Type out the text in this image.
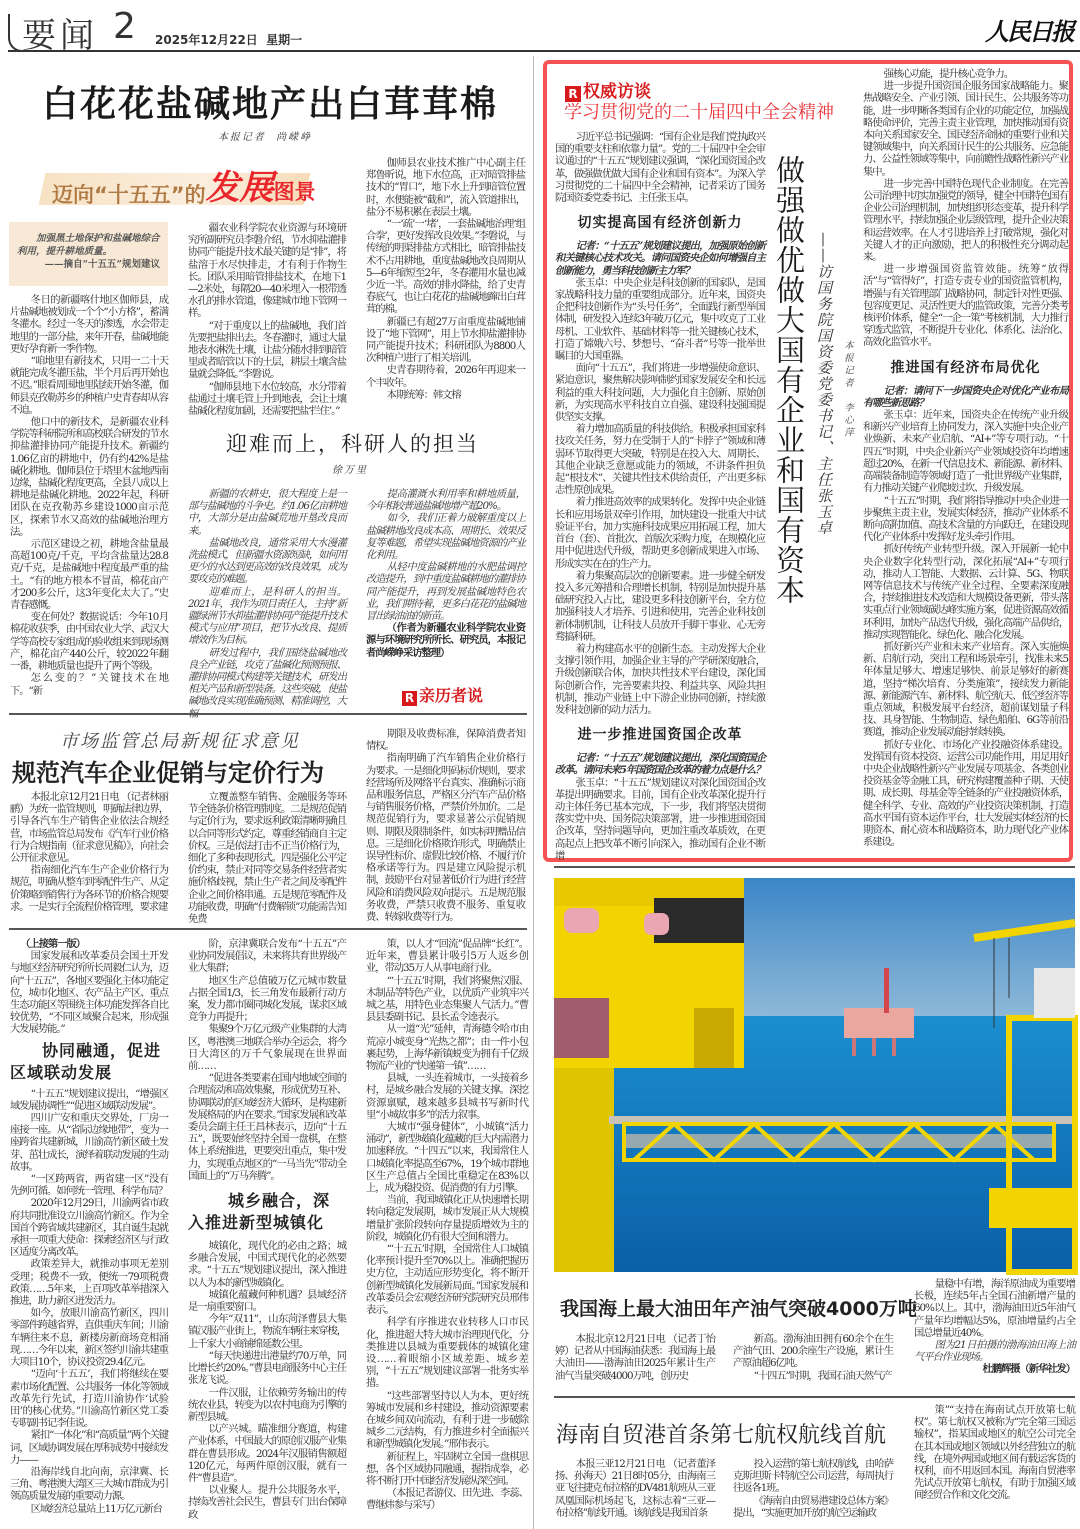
要闻 2 2025年12月22日  星期一	人民日报
白花花盐碱地产出白茸茸棉
本报记者  尚嵘峥
迈向“十五五”的发展图景

加强黑土地保护和盐碱地综合利用，提升耕地质量。

——摘自“十五五”规划建议

冬日的新疆喀什地区伽师县，成片盐碱地被划成一个个“小方格”，蓄满冬灌水。经过一冬天的渗透，水会带走地里的一部分盐，来年开春，盐碱地能更好孕育新一季作物。

“咱地里有新技术，只用一二十天就能完成冬灌压盐，半个月后再开始也不迟。”眼看周围地里陆续开始冬灌，伽师县克孜勒苏乡的种植户史青春却从容不迫。

他口中的新技术，是新疆农业科学院等科研院所和高校联合研发的节水抑盐灌排协同产能提升技术。新疆约1.06亿亩的耕地中，仍有约42%是盐碱化耕地。伽师县位于塔里木盆地西南边缘，盐碱化程度更高，全县八成以上耕地是盐碱化耕地。2022年起，科研团队在克孜勒苏乡建设1000亩示范区，探索节水又高效的盐碱地治理方法。

示范区建设之初，耕地含盐量最高超100克/千克，平均含盐量达28.8克/千克，是盐碱地中程度最严重的盐土。“有的地方根本不冒苗，棉花亩产才200多公斤，这3年变化太大了。”史青春感慨。

变在何处？数据说话：今年10月棉花收获季，由中国农业大学、武汉大学等高校专家组成的验收组来到现场测产，棉花亩产440公斤，较2022年翻一番，耕地质量也提升了两个等级。

怎么变的？”关键技术在地下。“新

疆农业科学院农业资源与环境研究所副研究员李磐介绍，节水抑盐灌排协同产能提升技术最关键的是“排”，将盐溶于水尽快排走，才有利于作物生长。团队采用暗管排盐技术，在地下1—2米处，每隔20—40米埋入一根带透水孔的排水管道，像建城市地下管网一样。

“对于重度以上的盐碱地，我们首先要把盐排出去。冬春灌时，通过大量地表水淋洗土壤，让盐分随水排到暗管里或者暗管以下的土层，耕层土壤含盐量就会降低。”李磐说。

“伽师县地下水位较高，水分带着盐通过土壤毛管上升到地表，会让土壤盐碱化程度加剧，还需要把盐‘拦住’。”

伽师县农业技术推广中心副主任郑鲁昕说，地下水位高，正对暗管排盐技术的“胃口”，地下水上升到暗管位置时，水便能被“截和”，流入管道排出，盐分不易积累在表层土壤。

“一‘疏’一‘堵’，一套盐碱地治理‘组合拳’，更好发挥改良效果。”李磐说，与传统的明渠排盐方式相比，暗管排盐技术不占用耕地，重度盐碱地改良周期从5—6年缩短至2年，冬春灌用水量也减少近一半。高效的排水降盐，给了史青春底气，也让白花花的盐碱地蹿出白茸茸的棉。

新疆已有超27万亩重度盐碱地铺设了“地下管网”，用上节水抑盐灌排协同产能提升技术；科研团队为8800人次种植户进行了相关培训。

史青春期待着，2026年再迎来一个丰收年。

本期统筹：韩文榕

迎难而上，科研人的担当
徐万里

新疆的农耕史，很大程度上是一部与盐碱地的斗争史。约1.06亿亩耕地中，大部分是由盐碱荒地开垦改良而来。

盐碱地改良，通常采用大水漫灌洗盐模式，但新疆水资源短缺，如何用更少的水达到更高效的改良效果，成为要攻克的难题。

迎难而上，是科研人的担当。2021年，我作为项目责任人，主持“新疆绿洲节水抑盐灌排协同产能提升技术模式与应用”项目，把节水改良、提质增效作为目标。

研发过程中，我们围绕盐碱地改良全产业链，攻克了盐碱化预测预报、灌排协同模式构建等关键技术，研发出相关产品和新型装备。这些突破，使盐碱地改良实现准确预测、精准调控，大

提高灌溉水利用率和耕地质量，今年相较普通盐碱地增产超20%。

如今，我们正着力破解重度以上盐碱耕地改良成本高、周期长、效果反复等难题，希望实现盐碱地资源的产业化利用。

从轻中度盐碱耕地的水肥盐调控改造提升，到中重度盐碱耕地的灌排协同产能提升，再到发展盐碱地特色农业，我们期待着，更多白花花的盐碱地冒出绿油油的新苗。

（作者为新疆农业科学院农业资源与环境研究所所长、研究员，本报记者尚嵘峥采访整理）

R 亲历者说
市场监管总局新规征求意见
规范汽车企业促销与定价行为

本报北京12月21日电 （记者林丽鹂）为统一监管规则，明确法律边界，引导各汽车生产销售企业依法合规经营，市场监管总局发布《汽车行业价格行为合规指南（征求意见稿）》，向社会公开征求意见。

指南细化汽车生产企业价格行为规范，明确从整车到零配件生产、从定价策略到销售行为各环节的价格合规要求。一是实行全流程价格管理，要求建

立覆盖整车销售、金融服务等环节全链条价格管理制度。二是规范促销与定价行为，要求返利政策清晰明确且以合同等形式约定，尊重经销商自主定价权。三是依法打击不正当价格行为，细化了多种表现形式。四是强化公平定价约束，禁止对同等交易条件经营者实施价格歧视，禁止生产者之间及零配件企业之间价格串通。五是规范零配件及功能收费，明确“付费解锁”功能需告知免费

期限及收费标准，保障消费者知情权。

指南明确了汽车销售企业价格行为要求。一是细化明码标价规则，要求经营场所及网络平台真实、准确标示商品和服务信息，严格区分汽车产品价格与销售服务价格，严禁价外加价。二是规范促销行为，要求显著公示促销规则、期限及限制条件，如实标明赠品信息。三是细化价格欺诈形式，明确禁止误导性标价、虚假比较价格、不履行价格承诺等行为。四是建立风险提示机制，鼓励平台对显著低价行为进行经营风险和消费风险双向提示。五是规范服务收费，严禁只收费不服务、重复收费、转嫁收费等行为。

（上接第一版）

国家发展和改革委员会国土开发与地区经济研究所所长周毅仁认为，迈向“十五五”，各地区要强化主体功能定位，城市化地区、农产品主产区、重点生态功能区等围绕主体功能发挥各自比较优势，“不同区域聚合起来，形成强大发展势能。”

协同融通，促进区域联动发展

“十五五”规划建议提出，“增强区域发展协调性”“促进区域联动发展”。

四川广安和重庆交界处，厂房一座接一座。从“省际边缘地带”，变为一座跨省共建新城，川渝高竹新区破土发芽、茁壮成长，演绎着联动发展的生动故事。

“一区跨两省，两省建一区”没有先例可循。如何统一管理、科学布局？

2020年12月29日，川渝两省市政府共同批准设立川渝高竹新区。作为全国首个跨省域共建新区，其自诞生起就承担一项重大使命：探索经济区与行政区适度分离改革。

政策差异大，就推动事项无差别受理；税费不一致，便统一79项税费政策……5年来，上百项改革举措深入推进，助力新区迸发活力。

如今，放眼川渝高竹新区，四川零部件跨越省界，直供重庆车间；川渝车辆往来不息，新楼房新商场竞相涌现……今年以来，新区签约川渝共建重大项目10个，协议投资29.4亿元。

“迈向‘十五五’，我们将继续在要素市场化配置、公共服务一体化等领域改革先行先试，打造川渝协作‘试验田’的核心优势。”川渝高竹新区党工委专职副书记李佳说。

紧扣“一体化”和“高质量”两个关键词，区域协调发展在厚积成势中接续发力——

沿海岸线自北向南，京津冀、长三角、粤港澳大湾区三大城市群成为引领高质量发展的重要动力源。

区域经济总量站上11万亿元新台

阶，京津冀联合发布“十五五”产业协同发展倡议，未来将共育世界级产业大集群；

地区生产总值破万亿元城市数量占据全国1/3，长三角发布最新行动方案，发力都市圈同城化发展，谋求区域竞争力再提升；

集聚9个万亿元级产业集群的大湾区，粤港澳三地联合举办全运会，将今日大湾区的万千气象展现在世界面前……

“促进各类要素在国内地域空间的合理流动和高效集聚，形成优势互补、协调联动的区域经济大循环，是构建新发展格局的内在要求。”国家发展和改革委员会副主任王昌林表示，迈向“十五五”，既要始终坚持全国一盘棋，在整体上系统推进，更要突出重点，集中发力，实现重点地区的“一马当先”带动全国面上的“万马奔腾”。

城乡融合，深入推进新型城镇化

城镇化，现代化的必由之路；城乡融合发展，中国式现代化的必然要求。“十五五”规划建议提出，深入推进以人为本的新型城镇化。

城镇化蕴藏何种机遇？县域经济是一扇重要窗口。

今年“双11”，山东菏泽曹县大集镇汉服产业街上，物流车辆往来穿梭，上千家大小商铺绵延数公里。

“每天快递进出港量约70万单，同比增长约20%。”曹县电商服务中心主任张龙飞说。

一件汉服，让依赖劳务输出的传统农业县，转变为以农村电商为引擎的新型县城。

以产兴城。瞄准细分赛道，构建产业体系，中国最大的原创汉服产业集群在曹县形成。2024年汉服销售额超120亿元，每两件原创汉服，就有一件“曹县造”。

以业聚人。提升公共服务水平，持续改善社会民生，曹县专门出台保障政

策，以人才“回流”促品牌“长红”。近年来，曹县累计吸引5万人返乡创业，带动35万人从事电商行业。

“‘十五五’时期，我们将聚焦汉服、木制品等特色产业，以优质产业筑牢兴城之基，用特色业态集聚人气活力。”曹县县委副书记、县长孟令逵表示。

从一道“光”延伸，青海德令哈市由荒凉小城变身“光热之都”；由一件小包裹起势，上海华新镇蜕变为拥有千亿级物流产业的“快递第一镇”……

县城，一头连着城市，一头接着乡村，是城乡融合发展的关键支撑。深挖资源禀赋，越来越多县城书写新时代里“小城故事多”的活力叙事。

大城市“强身健体”，小城镇“活力涌动”，新型城镇化蕴藏的巨大内需潜力加速释放。“十四五”以来，我国常住人口城镇化率提高至67%，19个城市群地区生产总值占全国比重稳定在83%以上，成为稳投资、促消费的有力引擎。

当前，我国城镇化正从快速增长期转向稳定发展期，城市发展正从大规模增量扩张阶段转向存量提质增效为主的阶段，城镇化仍有很大空间和潜力。

“‘十五五’时期，全国常住人口城镇化率预计提升至70%以上。准确把握历史方位，主动适应形势变化，将不断开创新型城镇化发展新局面。”国家发展和改革委员会宏观经济研究院研究员邢伟表示。

科学有序推进农业转移人口市民化，推进超大特大城市治理现代化，分类推进以县城为重要载体的城镇化建设……着眼缩小区域差距、城乡差别，“十五五”规划建议部署一批务实举措。

“这些部署坚持以人为本，更好统筹城市发展和乡村建设，推动资源要素在城乡间双向流动，有利于进一步破除城乡二元结构，有力推进乡村全面振兴和新型城镇化发展。”邢伟表示。

新征程上，牢固树立全国一盘棋思想，各个区域协同融通，握指成拳，必将不断打开中国经济发展纵深空间。

（本报记者游仪、田先进、李蕊、曹继炜参与采写）

R 权威访谈
学习贯彻党的二十届四中全会精神

习近平总书记强调：“国有企业是我们党执政兴国的重要支柱和依靠力量”。党的二十届四中全会审议通过的“十五五”规划建议强调，“深化国资国企改革，做强做优做大国有企业和国有资本”。为深入学习贯彻党的二十届四中全会精神，记者采访了国务院国资委党委书记、主任张玉卓。

切实提高国有经济创新力

记者：“十五五”规划建议提出，加强原始创新和关键核心技术攻关。请问国资央企如何增强自主创新能力，勇当科技创新主力军？

张玉卓：中央企业是科技创新的国家队，是国家战略科技力量的重要组成部分。近年来，国资央企把科技创新作为“头号任务”，全面践行新型举国体制，研发投入连续3年破万亿元，集中攻克了工业母机、工业软件、基础材料等一批关键核心技术，打造了嫦娥六号、梦想号、“奋斗者”号等一批举世瞩目的大国重器。

面向“十五五”，我们将进一步增强使命意识、紧迫意识，聚焦解决影响制约国家发展安全和长远利益的重大科技问题，大力强化自主创新、原始创新，为实现高水平科技自立自强、建设科技强国提供坚实支撑。

着力增加高质量的科技供给。积极承担国家科技攻关任务，努力在受制于人的“卡脖子”领域和薄弱环节取得更大突破，特别是在投入大、周期长、其他企业缺乏意愿或能力的领域，不讲条件担负起“根技术”、关键共性技术供给责任，产出更多标志性原创成果。

着力推进高效率的成果转化。发挥中央企业链长和应用场景双牵引作用，加快建设一批重大中试验证平台，加力实施科技成果应用拓展工程，加大首台（套）、首批次、首版次采购力度，在规模化应用中促进迭代升级，帮助更多创新成果进入市场、形成实实在在的生产力。

着力集聚高层次的创新要素。进一步健全研发投入多元筹措和合理增长机制，特别是加快提升基础研究投入占比，建设更多科技创新平台，全方位加强科技人才培养、引进和使用，完善企业科技创新体制机制，让科技人员放开手脚干事业、心无旁骛搞科研。

着力构建高水平的创新生态。主动发挥大企业支撑引领作用，加强企业主导的产学研深度融合，升级创新联合体，加快共性技术平台建设，深化国际创新合作，完善要素共投、利益共享、风险共担机制，推动产业链上中下游企业协同创新，持续激发科技创新的动力活力。

进一步推进国资国企改革

记者：“十五五”规划建议提出，深化国资国企改革。请问未来5年国资国企改革的着力点是什么？

张玉卓：“十五五”规划建议对深化国资国企改革提出明确要求。目前，国有企业改革深化提升行动主体任务已基本完成，下一步，我们将坚决贯彻落实党中央、国务院决策部署，进一步推进国资国企改革，坚持问题导向，更加注重改革质效，在更高起点上把改革不断引向深入，推动国有企业不断增

做强做优做大国有企业和国有资本 ——访国务院国资委党委书记、主任张玉卓 本报记者  李心萍

强核心功能，提升核心竞争力。

进一步提升国资国企服务国家战略能力。聚焦战略安全、产业引领、国计民生、公共服务等功能，进一步明晰各类国有企业的功能定位，加强战略使命评价，完善主责主业管理，加快推动国有资本向关系国家安全、国民经济命脉的重要行业和关键领域集中，向关系国计民生的公共服务、应急能力、公益性领域等集中，向前瞻性战略性新兴产业集中。

进一步完善中国特色现代企业制度。在完善公司治理中切实加强党的领导，健全中国特色国有企业公司治理机制，加快组织形态变革，提升科学管理水平，持续加强企业层级管理，提升企业决策和运营效率。在人才引进培养上打破常规，强化对关键人才的正向激励，把人的积极性充分调动起来。

进一步增强国资监管效能。统筹“放得活”与“管得好”，打造专责专业的国资监管机构，增强与有关管理部门战略协同，制定针对性更强、包容度更足、灵活性更大的监管政策，完善分类考核评价体系，健全“一企一策”考核机制，大力推行穿透式监管，不断提升专业化、体系化、法治化、高效化监管水平。

推进国有经济布局优化

记者：请问下一步国资央企对优化产业布局有哪些新思路？

张玉卓：近年来，国资央企在传统产业升级和新兴产业培育上协同发力，深入实施中央企业产业焕新、未来产业启航、“AI+”等专项行动。“十四五”时期，中央企业新兴产业领域投资年均增速超过20%，在新一代信息技术、新能源、新材料、高端装备制造等领域打造了一批世界级产业集群，有力推动关键产业爬坡过坎、升级发展。

“十五五”时期，我们将指导推动中央企业进一步聚焦主责主业，发展实体经济，推动产业体系不断向高附加值、高技术含量的方向跃迁，在建设现代化产业体系中发挥好龙头牵引作用。

抓好传统产业转型升级。深入开展新一轮中央企业数字化转型行动，深化拓展“AI+”专项行动，推动人工智能、大数据、云计算、5G、物联网等信息技术与传统产业全过程、全要素深度融合，持续推进技术改造和大规模设备更新，带头落实重点行业领域碳达峰实施方案，促进资源高效循环利用，加快产品迭代升级，强化高端产品供给，推动实现智能化、绿色化、融合化发展。

抓好新兴产业和未来产业培育。深入实施焕新、启航行动，突出工程和场景牵引，找准未来5年体量足够大、增速足够快、前景足够好的新赛道，坚持“梯次培育、分类施策”，接续发力新能源、新能源汽车、新材料、航空航天、低空经济等重点领域，积极发展平台经济，超前谋划量子科技、具身智能、生物制造、绿色船舶、6G等前沿赛道，推动企业发展动能持续转换。

抓好专业化、市场化产业投融资体系建设。发挥国有资本投资、运营公司功能作用，用足用好中央企业战略性新兴产业发展专项基金、各类创业投资基金等金融工具，研究构建覆盖种子期、天使期、成长期、母基金等全链条的产业投融资体系，健全科学、专业、高效的产业投资决策机制，打造高水平国有资本运作平台，壮大发展实体经济的长期资本、耐心资本和战略资本，助力现代化产业体系建设。

我国海上最大油田年产油气突破4000万吨

本报北京12月21日电 （记者丁怡婷）记者从中国海油获悉：我国海上最大油田——渤海油田2025年累计生产油气当量突破4000万吨，创历史

新高。渤海油田拥有60余个在生产油气田、200余座生产设施，累计生产原油超6亿吨。

“十四五”时期，我国石油天然气产

量稳中有增，海洋原油成为重要增长极，连续5年占全国石油新增产量的60%以上。其中，渤海油田近5年油气产量年均增幅达5%，原油增量约占全国总增量近40%。

图为21日拍摄的渤海油田海上油气平台作业现场。

杜鹏辉摄（新华社发）

海南自贸港首条第七航权航线首航

本报三亚12月21日电 （记者董泽扬、孙海天）21日8时05分，由海南三亚飞往捷克布拉格的DV481航班从三亚凤凰国际机场起飞，这标志着“三亚—布拉格”航线开通。该航线是我国首条

投入运营的第七航权航线，由哈萨克斯坦斯卡特航空公司运营，每周执行往返各1班。

《海南自由贸易港建设总体方案》提出，“实施更加开放的航空运输政

策”“支持在海南试点开放第七航权”。第七航权又被称为“完全第三国运输权”，指某国或地区的航空公司完全在其本国或地区领域以外经营独立的航线，在境外两国或地区间有载运客货的权利，而不用返回本国。海南自贸港率先试点开放第七航权，有助于加强区域间经贸合作和文化交流。
